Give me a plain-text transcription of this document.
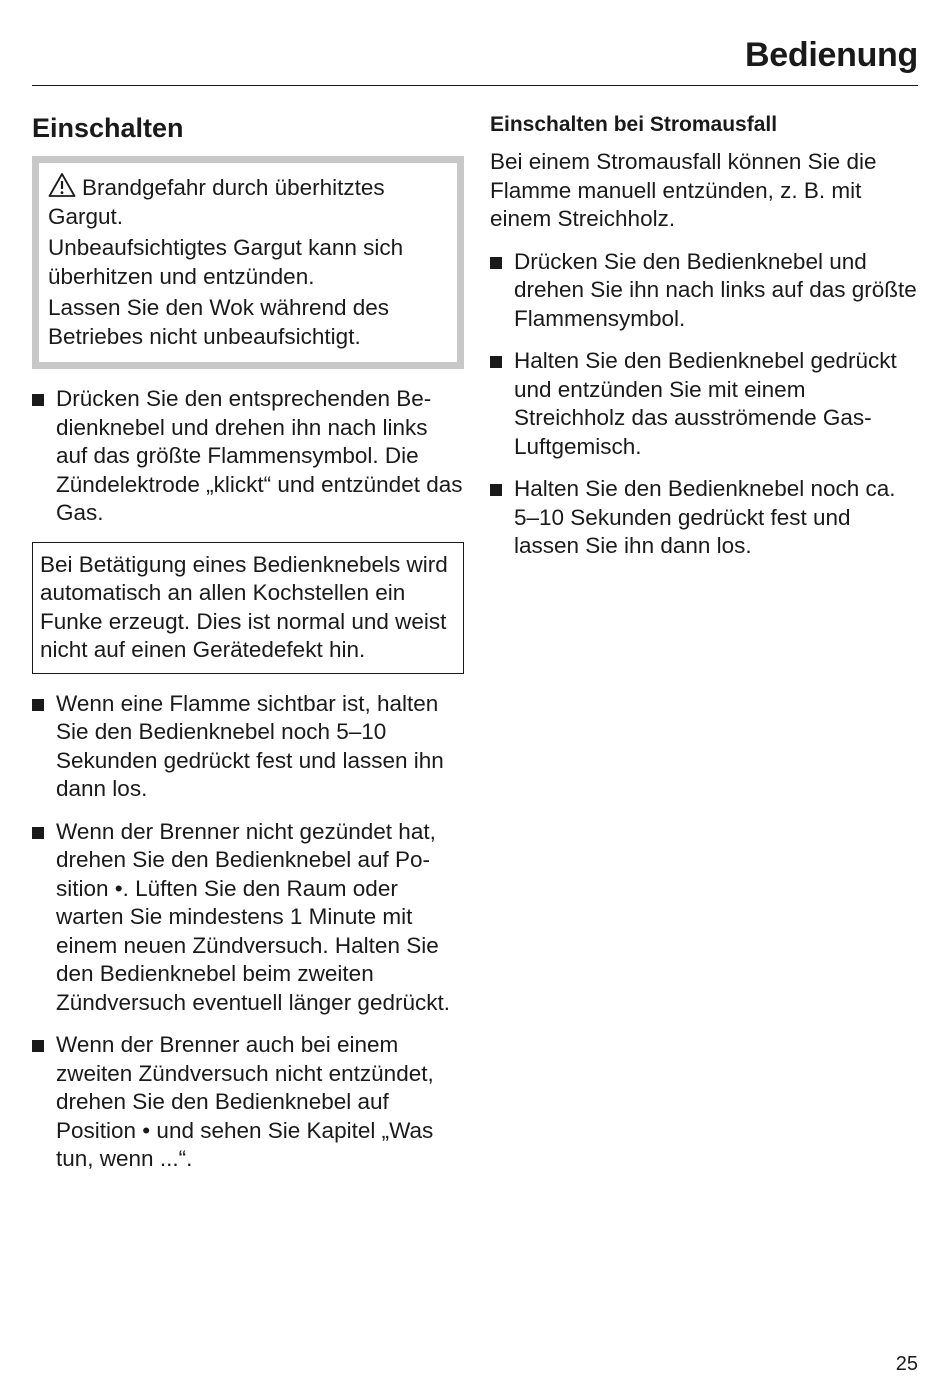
Bedienung
Einschalten

Brandgefahr durch überhitztes Gargut.

Unbeaufsichtigtes Gargut kann sich überhitzen und entzünden.

Lassen Sie den Wok während des Betriebes nicht unbeaufsichtigt.

Drücken Sie den entsprechenden Bedienknebel und drehen ihn nach links auf das größte Flammensymbol. Die Zündelektrode „klickt“ und entzündet das Gas.
Bei Betätigung eines Bedienknebels wird automatisch an allen Kochstellen ein Funke erzeugt. Dies ist normal und weist nicht auf einen Gerätedefekt hin.
Wenn eine Flamme sichtbar ist, halten Sie den Bedienknebel noch 5–​10 Sekunden gedrückt fest und lassen ihn dann los.
Wenn der Brenner nicht gezündet hat, drehen Sie den Bedienknebel auf Position •. Lüften Sie den Raum oder warten Sie mindestens 1 Minute mit einem neuen Zündversuch. Halten Sie den Bedienknebel beim zweiten Zündversuch eventuell länger gedrückt.
Wenn der Brenner auch bei einem zweiten Zündversuch nicht entzündet, drehen Sie den Bedienknebel auf Position • und sehen Sie Kapitel „Was tun, wenn ...“.
Einschalten bei Stromausfall

Bei einem Stromausfall können Sie die Flamme manuell entzünden, z. B. mit einem Streichholz.

Drücken Sie den Bedienknebel und drehen Sie ihn nach links auf das größte Flammensymbol.
Halten Sie den Bedienknebel gedrückt und entzünden Sie mit einem Streichholz das ausströmende Gas-Luftgemisch.
Halten Sie den Bedienknebel noch ca. 5–10 Sekunden gedrückt fest und lassen Sie ihn dann los.
25
